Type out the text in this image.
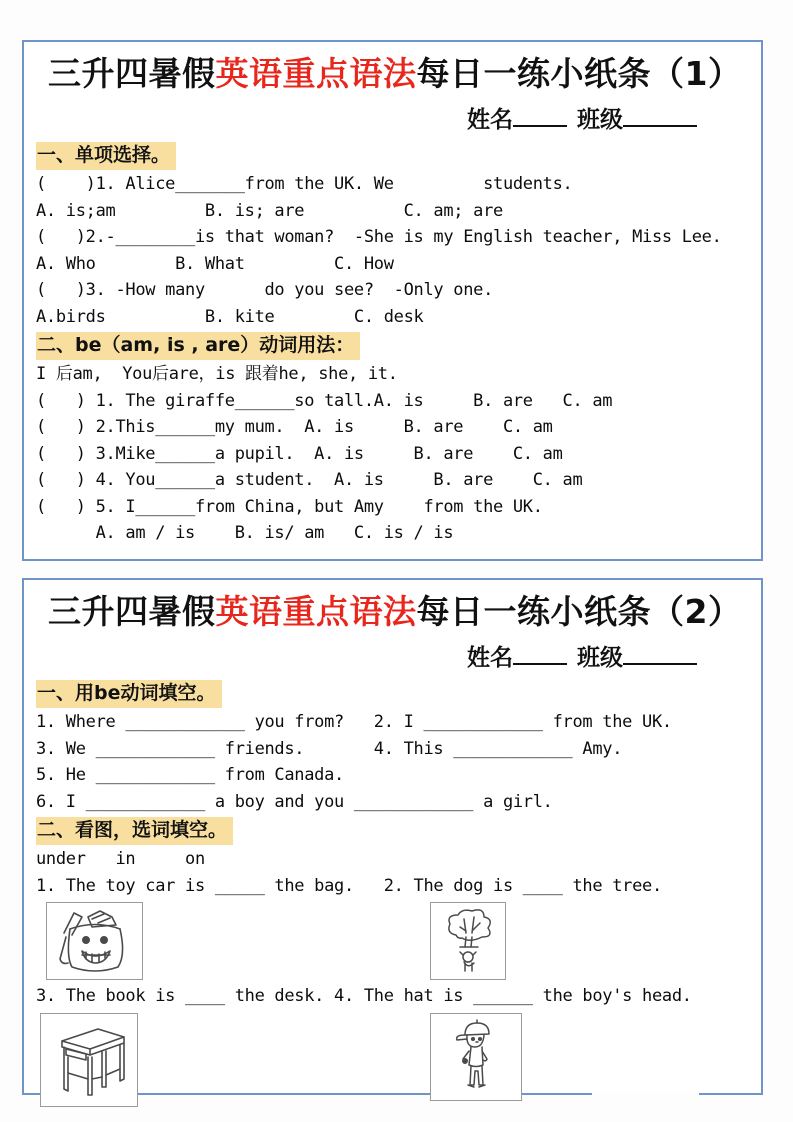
三升四暑假英语重点语法每日一练小纸条（1）
姓名	班级
一、单项选择。
(    )1. Alice_______from the UK. We         students.
A. is;am         B. is; are          C. am; are
(   )2.-________is that woman?  -She is my English teacher, Miss Lee.
A. Who        B. What         C. How
(   )3. -How many      do you see?  -Only one.
A.birds          B. kite        C. desk
二、be（am, is , are）动词用法：
I 后am,  You后are，is 跟着he, she, it.
(   ) 1. The giraffe______so tall.A. is     B. are   C. am
(   ) 2.This______my mum.  A. is     B. are    C. am
(   ) 3.Mike______a pupil.  A. is     B. are    C. am
(   ) 4. You______a student.  A. is     B. are    C. am
(   ) 5. I______from China, but Amy    from the UK.
A. am / is    B. is/ am   C. is / is
三升四暑假英语重点语法每日一练小纸条（2）
姓名	班级
一、用be动词填空。
1. Where ____________ you from?   2. I ____________ from the UK.
3. We ____________ friends.       4. This ____________ Amy.
5. He ____________ from Canada.
6. I ____________ a boy and you ____________ a girl.
二、看图，选词填空。
under   in     on
1. The toy car is _____ the bag.   2. The dog is ____ the tree.
3. The book is ____ the desk. 4. The hat is ______ the boy's head.
